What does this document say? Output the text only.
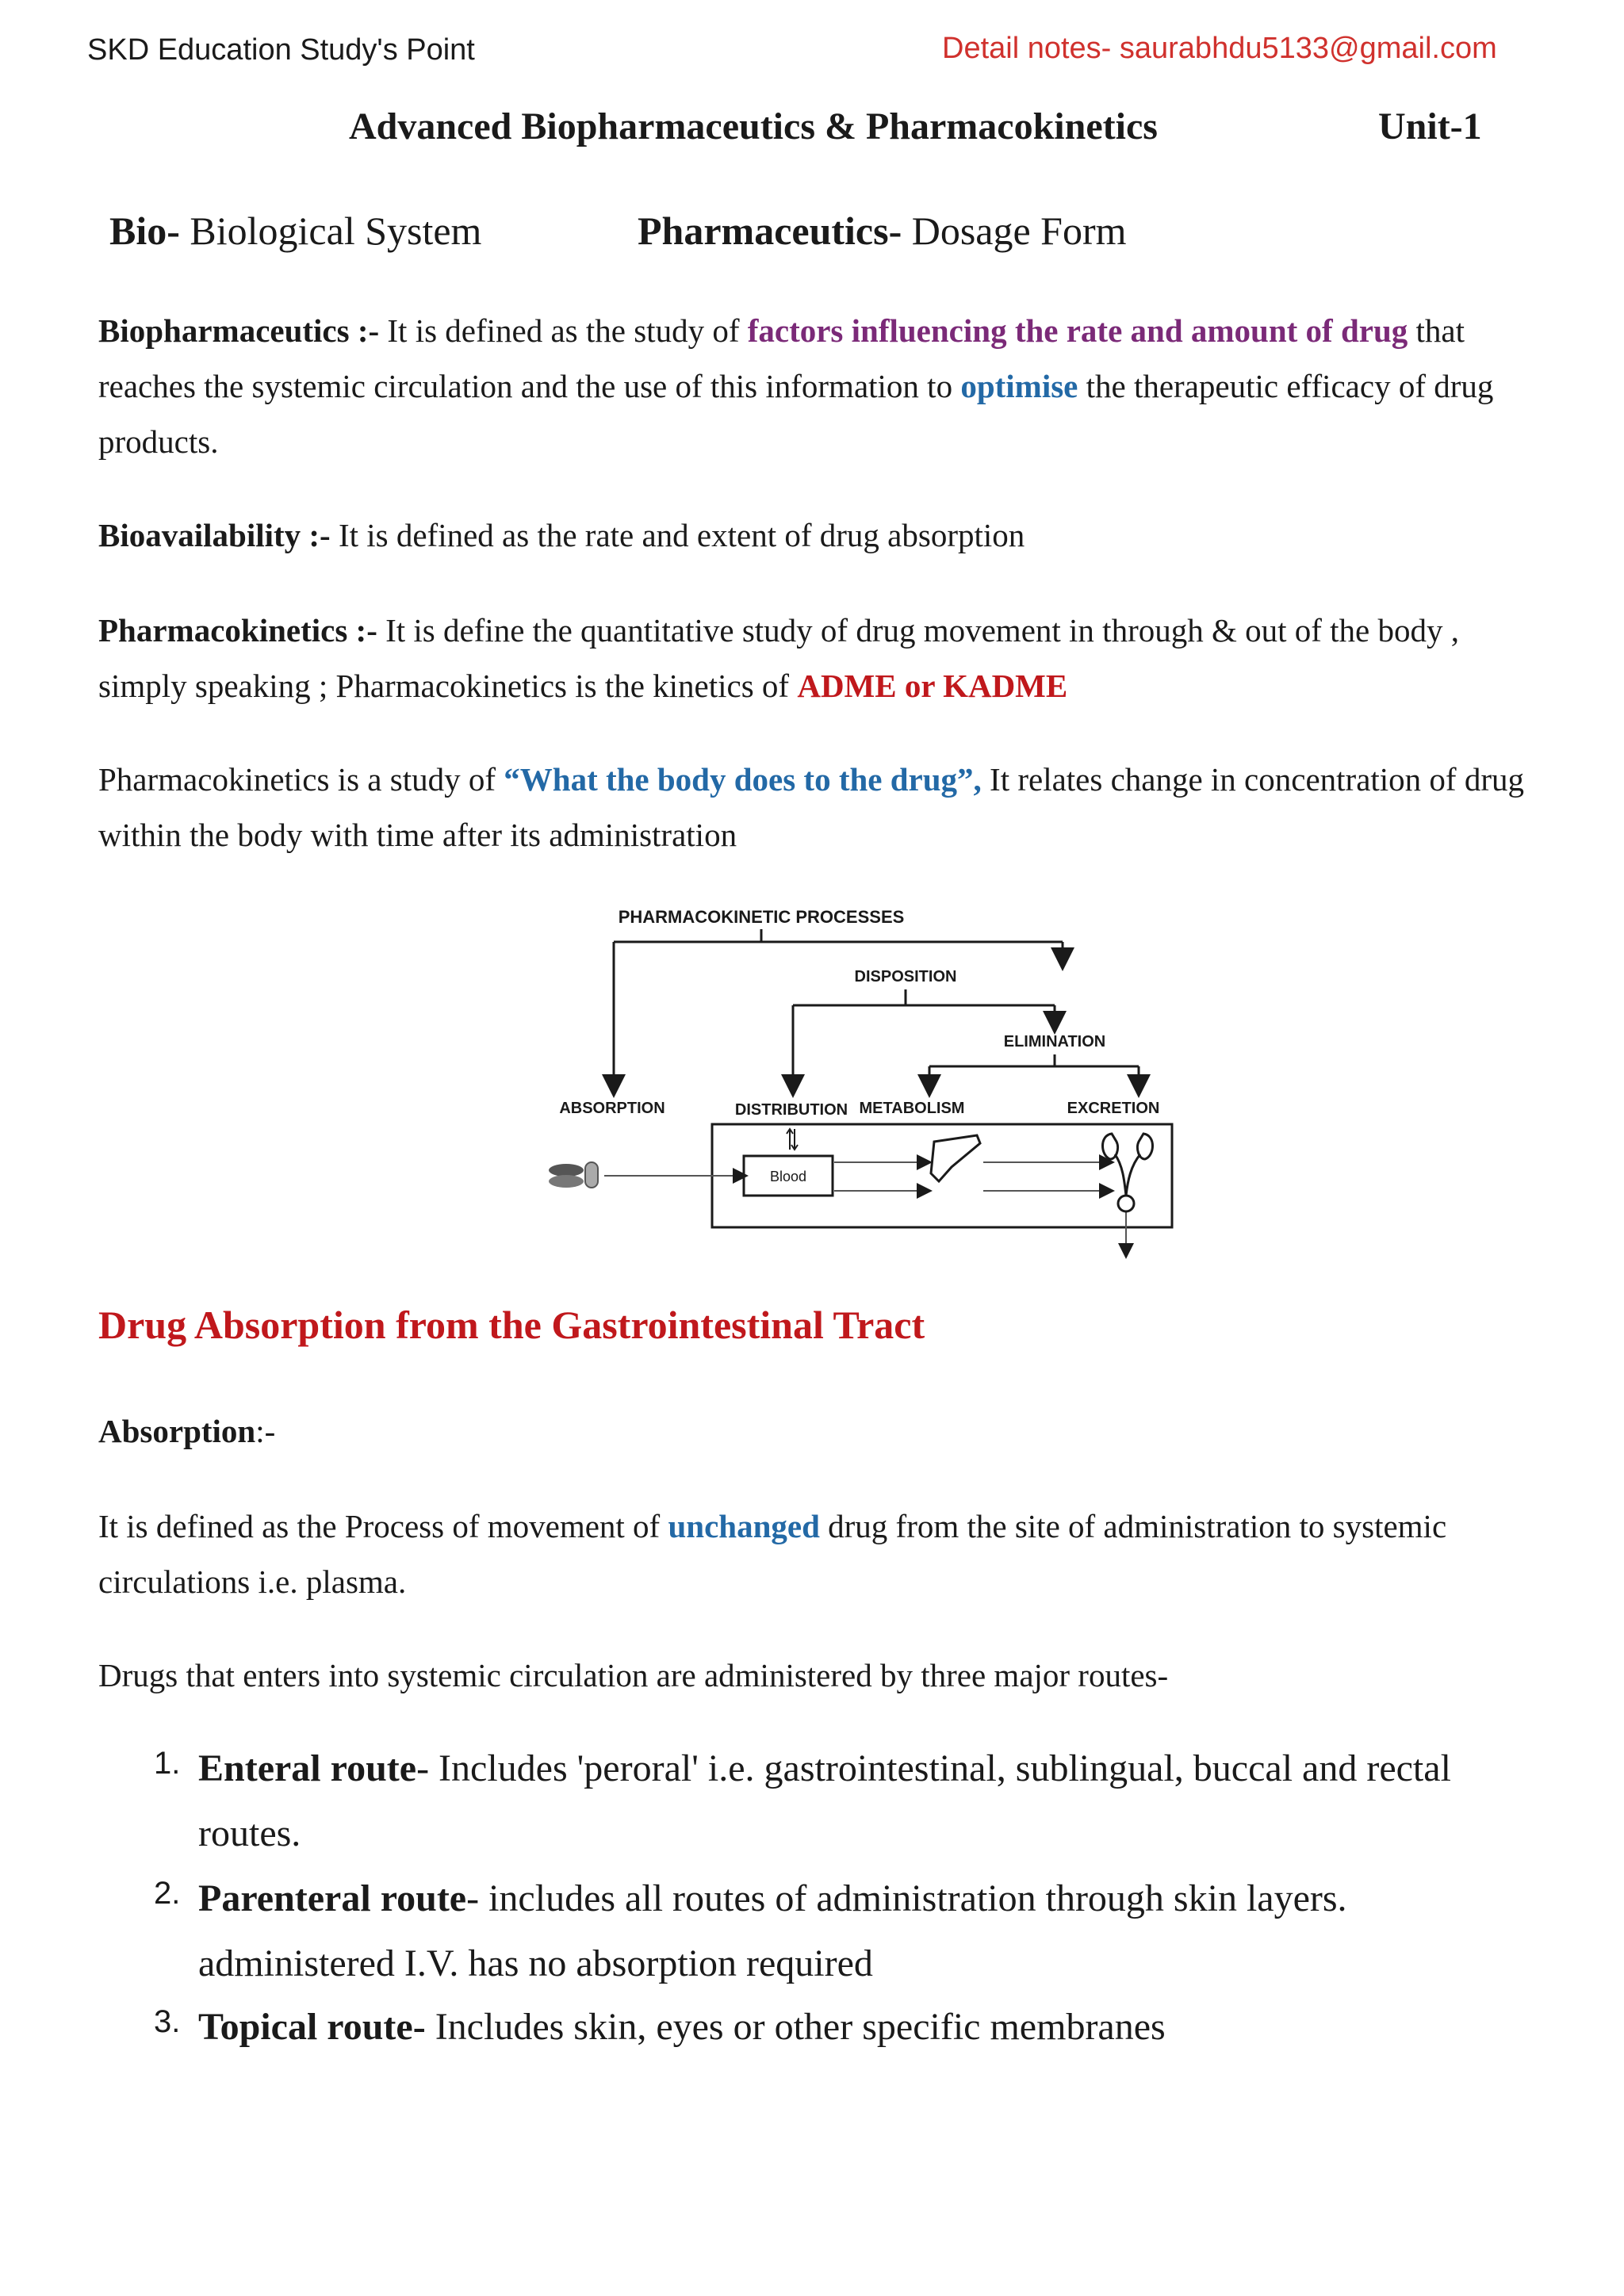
SKD Education Study's Point	Detail notes- saurabhdu5133@gmail.com
Advanced Biopharmaceutics & Pharmacokinetics	Unit-1
Bio- Biological System	Pharmaceutics- Dosage Form
Biopharmaceutics :- It is defined as the study of factors influencing the rate and amount of drug that reaches the systemic circulation and the use of this information to optimise the therapeutic efficacy of drug products.
Bioavailability :- It is defined as the rate and extent of drug absorption
Pharmacokinetics :- It is define the quantitative study of drug movement in through & out of the body , simply speaking ; Pharmacokinetics is the kinetics of ADME or KADME
Pharmacokinetics is a study of “What the body does to the drug”, It relates change in concentration of drug within the body with time after its administration
PHARMACOKINETIC PROCESSES
DISPOSITION
ELIMINATION
ABSORPTION	DISTRIBUTION METABOLISM	EXCRETION
Blood
Drug Absorption from the Gastrointestinal Tract
Absorption:-
It is defined as the Process of movement of unchanged drug from the site of administration to systemic circulations i.e. plasma.
Drugs that enters into systemic circulation are administered by three major routes-
1. Enteral route- Includes 'peroral' i.e. gastrointestinal, sublingual, buccal and rectal routes.
2. Parenteral route- includes all routes of administration through skin layers. administered I.V. has no absorption required
3. Topical route- Includes skin, eyes or other specific membranes
